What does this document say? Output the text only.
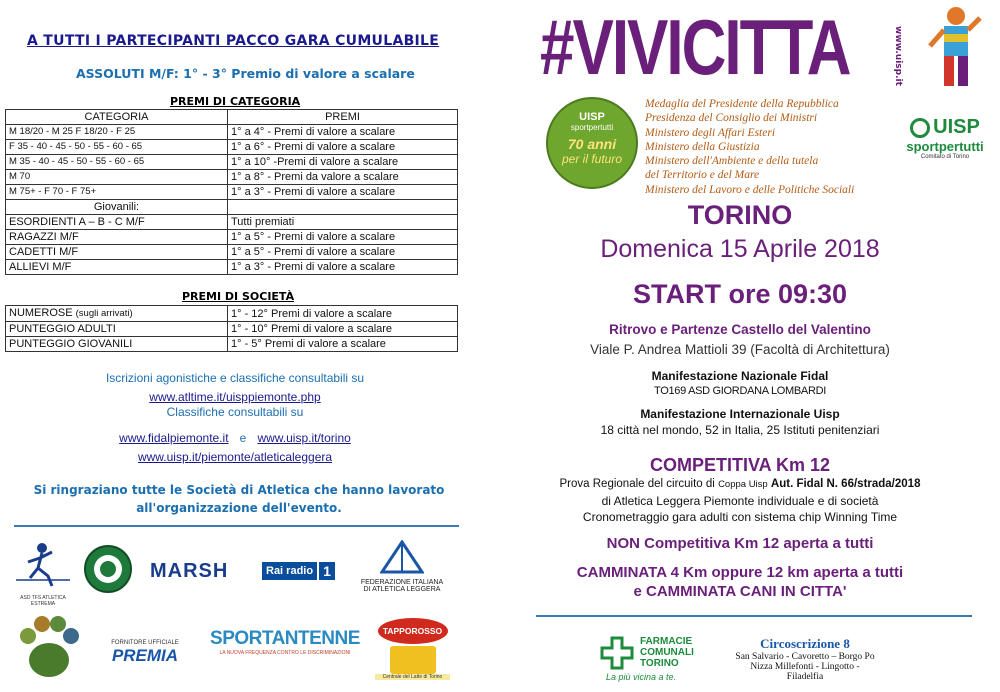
A TUTTI I PARTECIPANTI PACCO GARA CUMULABILE
ASSOLUTI M/F: 1° - 3° Premio di valore a scalare
PREMI DI CATEGORIA
CATEGORIA	PREMI
M 18/20 - M 25 F 18/20 - F 25	1° a 4° - Premi di valore a scalare
F 35 - 40 - 45 - 50 - 55 - 60 - 65	1° a 6° - Premi di valore a scalare
M 35 - 40 - 45 - 50 - 55 - 60 - 65	1° a 10° -Premi di valore a scalare
M 70	1° a 8° - Premi da valore a scalare
M 75+ - F 70 - F 75+	1° a 3° - Premi di valore a scalare
Giovanili:	
ESORDIENTI A – B - C M/F	Tutti premiati
RAGAZZI M/F	1° a 5° - Premi di valore a scalare
CADETTI M/F	1° a 5° - Premi di valore a scalare
ALLIEVI M/F	1° a 3° - Premi di valore a scalare
PREMI DI SOCIETÀ
NUMEROSE (sugli arrivati)	1° - 12° Premi di valore a scalare
PUNTEGGIO ADULTI	1° - 10° Premi di valore a scalare
PUNTEGGIO GIOVANILI	1° - 5° Premi di valore a scalare
Iscrizioni agonistiche e classifiche consultabili su
www.atltime.it/uisppiemonte.php
Classifiche consultabili su
www.fidalpiemonte.it e www.uisp.it/torino
www.uisp.it/piemonte/atleticaleggera
Si ringraziano tutte le Società di Atletica che hanno lavorato
all'organizzazione dell'evento.
ASD TFS ATLETICA ESTREMA
MARSH	Rai radio 1
FEDERAZIONE ITALIANA
DI ATLETICA LEGGERA
FORNITORE UFFICIALE
PREMIA
SPORTANTENNE
LA NUOVA FREQUENZA CONTRO LE DISCRIMINAZIONI
TAPPOROSSO
Centrale del Latte di Torino
#VIVICITTA	www.uisp.it
UISP
sportpertutti
70 anni
per il futuro
Medaglia del Presidente della Repubblica
Presidenza del Consiglio dei Ministri
Ministero degli Affari Esteri
Ministero della Giustizia
Ministero dell'Ambiente e della tutela
del Territorio e del Mare
Ministero del Lavoro e delle Politiche Sociali
UISP
sportpertutti
Comitato di Torino
TORINO
Domenica 15 Aprile 2018
START ore 09:30
Ritrovo e Partenze Castello del Valentino
Viale P. Andrea Mattioli 39 (Facoltà di Architettura)
Manifestazione Nazionale Fidal
TO169 ASD GIORDANA LOMBARDI
Manifestazione Internazionale Uisp
18 città nel mondo, 52 in Italia, 25 Istituti penitenziari
COMPETITIVA Km 12
Prova Regionale del circuito di Coppa Uisp Aut. Fidal N. 66/strada/2018
di Atletica Leggera Piemonte individuale e di società
Cronometraggio gara adulti con sistema chip Winning Time
NON Competitiva Km 12 aperta a tutti
CAMMINATA 4 Km oppure 12 km aperta a tutti
e CAMMINATA CANI IN CITTA'
FARMACIE
COMUNALI
TORINO
La più vicina a te.
Circoscrizione 8
San Salvario - Cavoretto – Borgo Po
Nizza Millefonti - Lingotto - Filadelfia
